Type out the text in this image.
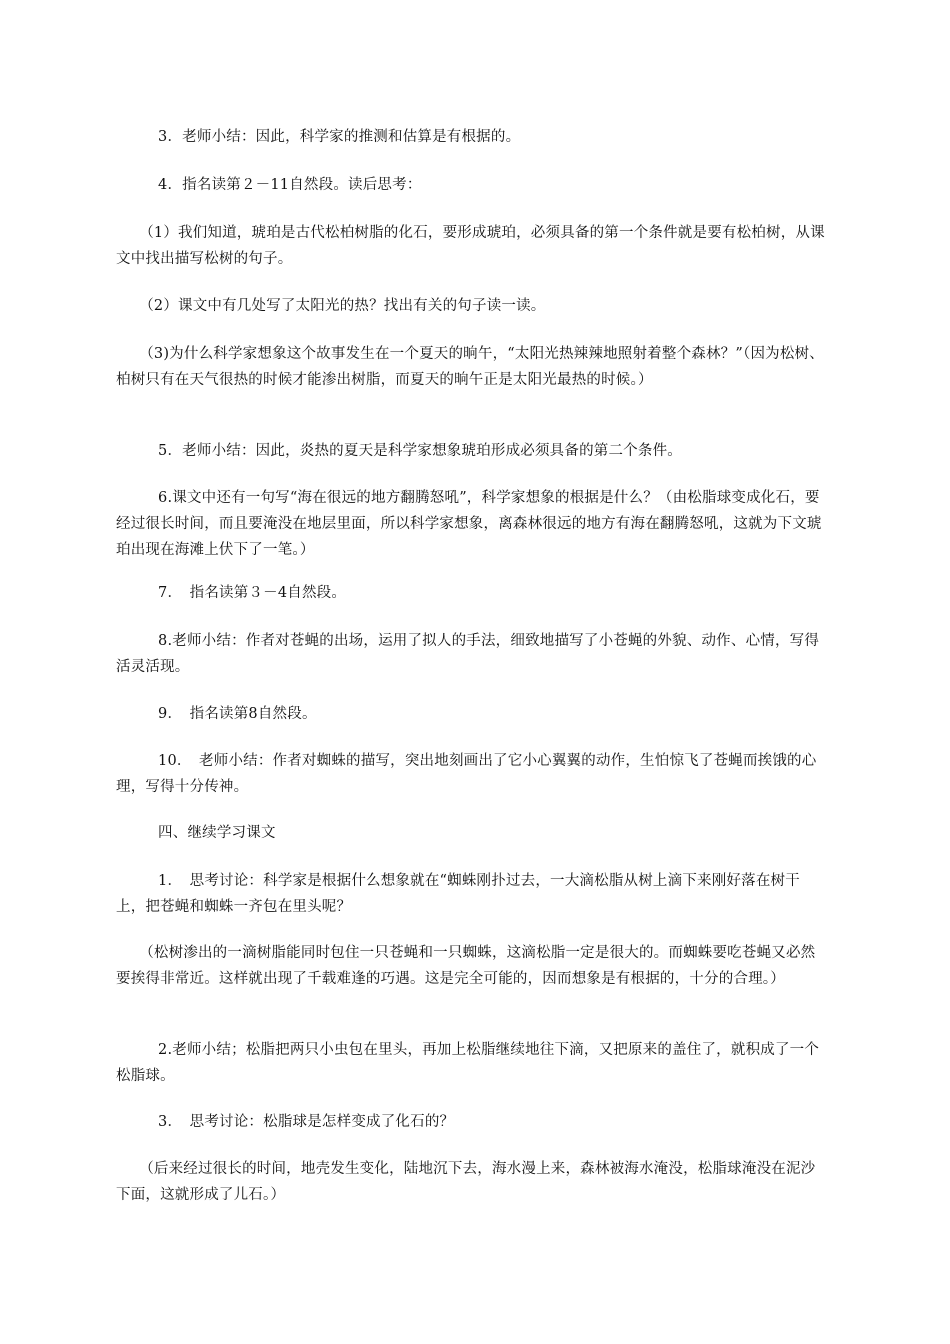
3．老师小结：因此，科学家的推测和估算是有根据的。

4．指名读第２－11自然段。读后思考：

（1）我们知道，琥珀是古代松柏树脂的化石，要形成琥珀，必须具备的第一个条件就是要有松柏树，从课文中找出描写松树的句子。

（2）课文中有几处写了太阳光的热？找出有关的句子读一读。

（3)为什么科学家想象这个故事发生在一个夏天的晌午，“太阳光热辣辣地照射着整个森林？”（因为松树、柏树只有在天气很热的时候才能渗出树脂，而夏天的晌午正是太阳光最热的时候。）

5．老师小结：因此，炎热的夏天是科学家想象琥珀形成必须具备的第二个条件。

6.课文中还有一句写“海在很远的地方翻腾怒吼”，科学家想象的根据是什么？（由松脂球变成化石，要经过很长时间，而且要淹没在地层里面，所以科学家想象，离森林很远的地方有海在翻腾怒吼，这就为下文琥珀出现在海滩上伏下了一笔。）

7．　指名读第３－4自然段。

8.老师小结：作者对苍蝇的出场，运用了拟人的手法，细致地描写了小苍蝇的外貌、动作、心情，写得活灵活现。

9．　指名读第8自然段。

10．　老师小结：作者对蜘蛛的描写，突出地刻画出了它小心翼翼的动作，生怕惊飞了苍蝇而挨饿的心理，写得十分传神。

四、继续学习课文

1．　思考讨论：科学家是根据什么想象就在“蜘蛛刚扑过去，一大滴松脂从树上滴下来刚好落在树干上，把苍蝇和蜘蛛一齐包在里头呢？

（松树渗出的一滴树脂能同时包住一只苍蝇和一只蜘蛛，这滴松脂一定是很大的。而蜘蛛要吃苍蝇又必然要挨得非常近。这样就出现了千载难逢的巧遇。这是完全可能的，因而想象是有根据的，十分的合理。）

2.老师小结；松脂把两只小虫包在里头，再加上松脂继续地往下滴，又把原来的盖住了，就积成了一个松脂球。

3．　思考讨论：松脂球是怎样变成了化石的？

（后来经过很长的时间，地壳发生变化，陆地沉下去，海水漫上来，森林被海水淹没，松脂球淹没在泥沙下面，这就形成了儿石。）
